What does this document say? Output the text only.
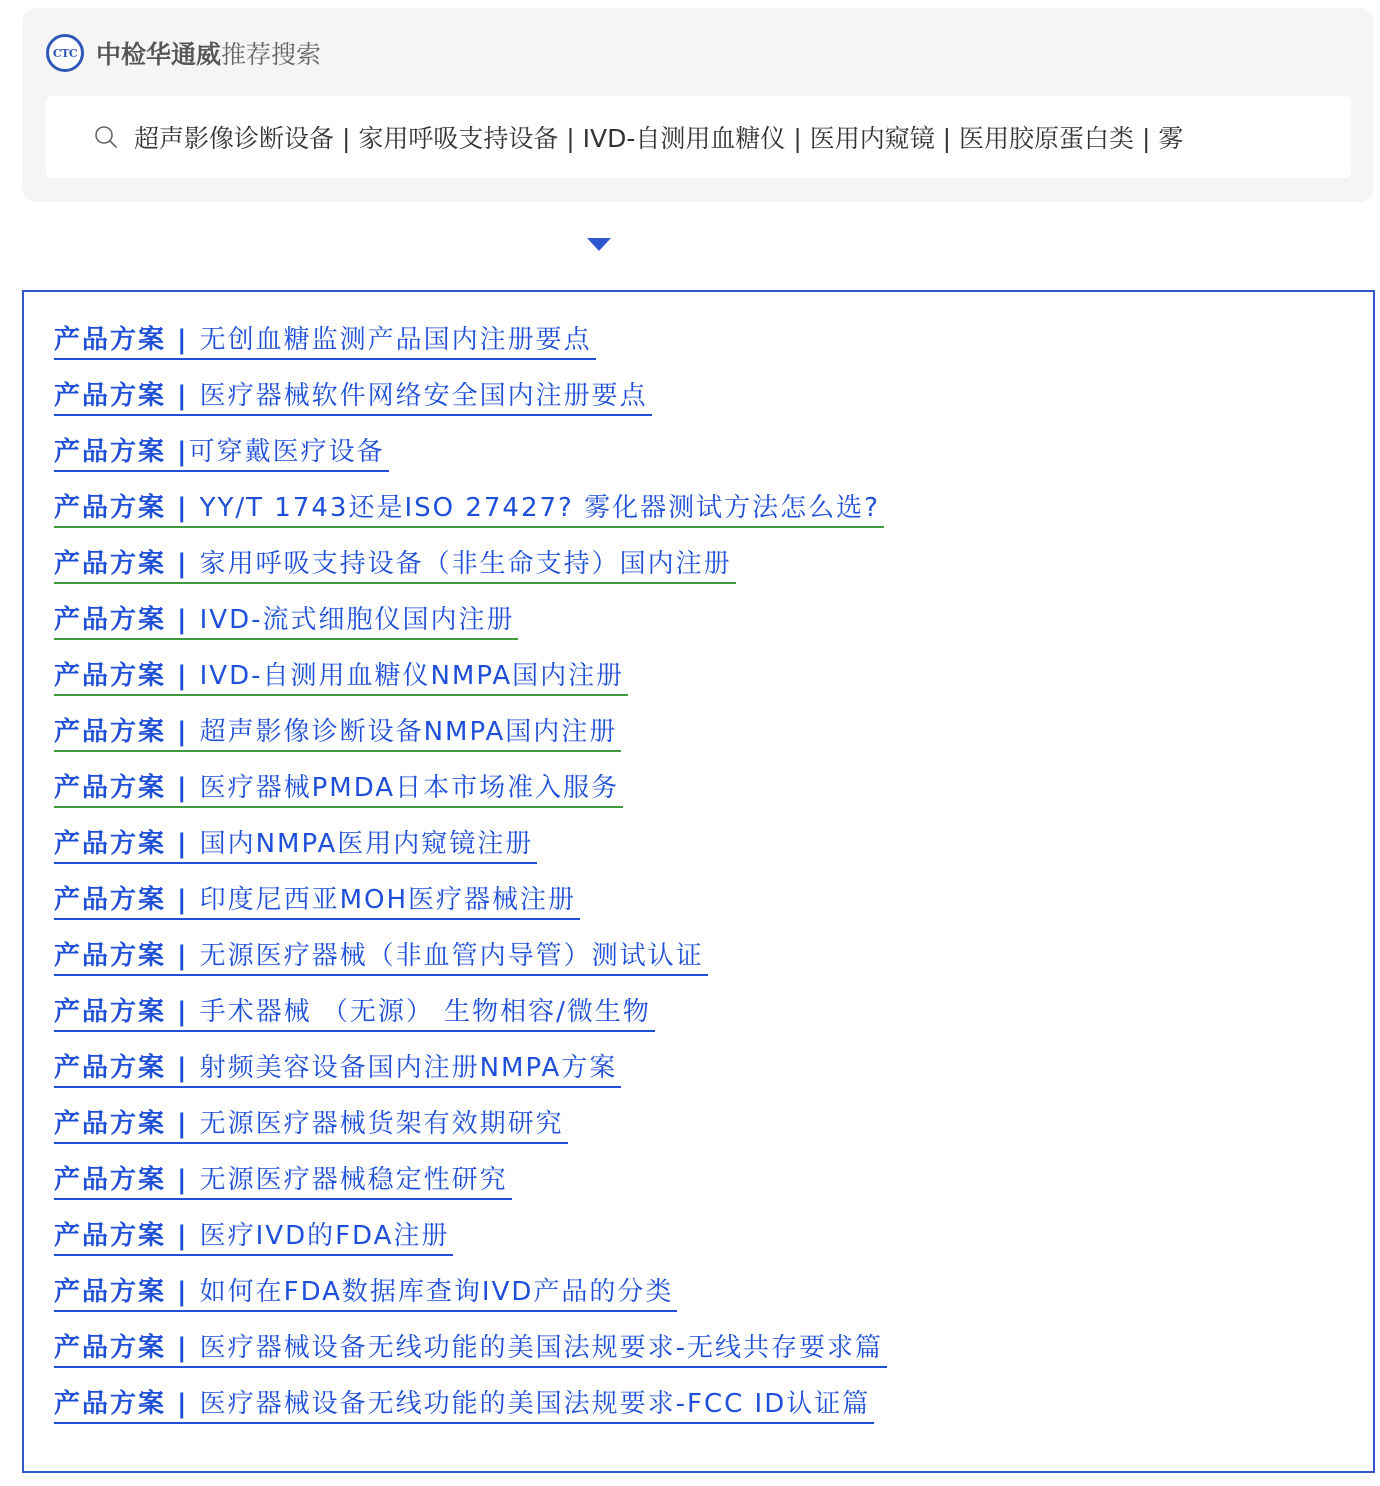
CTC 中检华通威 推荐搜索
超声影像诊断设备 | 家用呼吸支持设备 | IVD-自测用血糖仪 | 医用内窥镜 | 医用胶原蛋白类 | 雾
产品方案 | 无创血糖监测产品国内注册要点
产品方案 | 医疗器械软件网络安全国内注册要点
产品方案 |可穿戴医疗设备
产品方案 | YY/T 1743还是ISO 27427? 雾化器测试方法怎么选?
产品方案 | 家用呼吸支持设备（非生命支持）国内注册
产品方案 | IVD-流式细胞仪国内注册
产品方案 | IVD-自测用血糖仪NMPA国内注册
产品方案 | 超声影像诊断设备NMPA国内注册
产品方案 | 医疗器械PMDA日本市场准入服务
产品方案 | 国内NMPA医用内窥镜注册
产品方案 | 印度尼西亚MOH医疗器械注册
产品方案 | 无源医疗器械（非血管内导管）测试认证
产品方案 | 手术器械 （无源） 生物相容/微生物
产品方案 | 射频美容设备国内注册NMPA方案
产品方案 | 无源医疗器械货架有效期研究
产品方案 | 无源医疗器械稳定性研究
产品方案 | 医疗IVD的FDA注册
产品方案 | 如何在FDA数据库查询IVD产品的分类
产品方案 | 医疗器械设备无线功能的美国法规要求-无线共存要求篇
产品方案 | 医疗器械设备无线功能的美国法规要求-FCC ID认证篇
